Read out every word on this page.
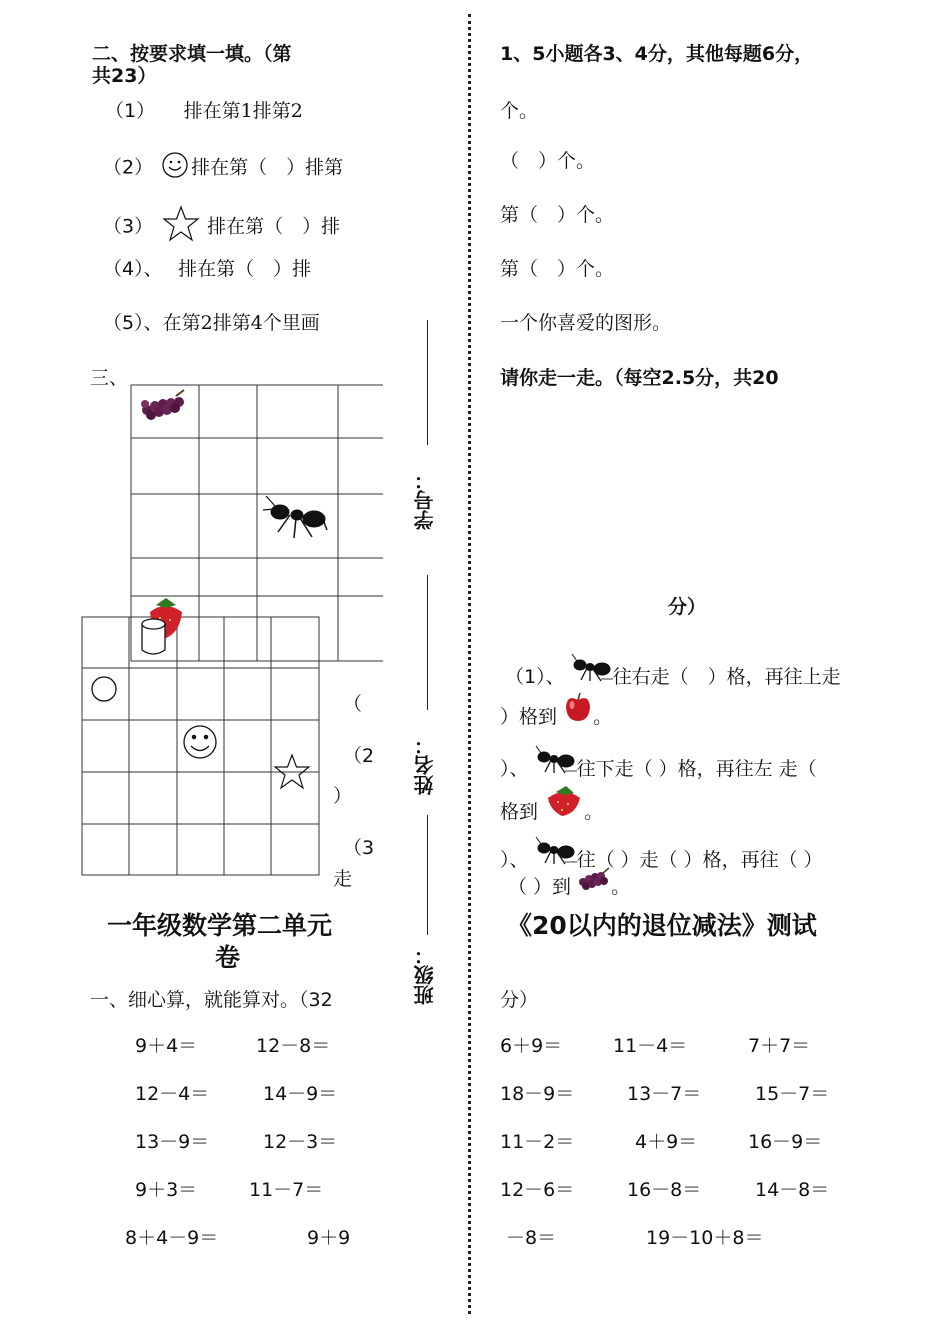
学号：
姓名：
班级：
二、按要求填一填。（第
共23）
（1）　　排在第1排第2
（2） 排在第（　）排第
（3）	排在第（　）排
（4）、　 排在第（　）排
（5）、在第2排第4个里画
三、
（
（2
）
（3
走
一年级数学第二单元
卷
一、细心算，就能算对。（32
9＋4＝	12－8＝
12－4＝	14－9＝
13－9＝	12－3＝
9＋3＝	11－7＝
8＋4－9＝	9＋9
1、5小题各3、4分，其他每题6分，
个。
（　）个。
第（　）个。
第（　）个。
一个你喜爱的图形。
请你走一走。（每空2.5分，共20
分）
（1）、	往右走（　）格，再往上走
）格到 。
）、	往下走（ ）格，再往左 走（
格到 。
）、	往（ ）走（ ）格，再往（ ）
（ ）到 。
《20以内的退位减法》测试
分）
6＋9＝	11－4＝	7＋7＝
18－9＝	13－7＝	15－7＝
11－2＝	4＋9＝	16－9＝
12－6＝	16－8＝	14－8＝
－8＝	19－10＋8＝
